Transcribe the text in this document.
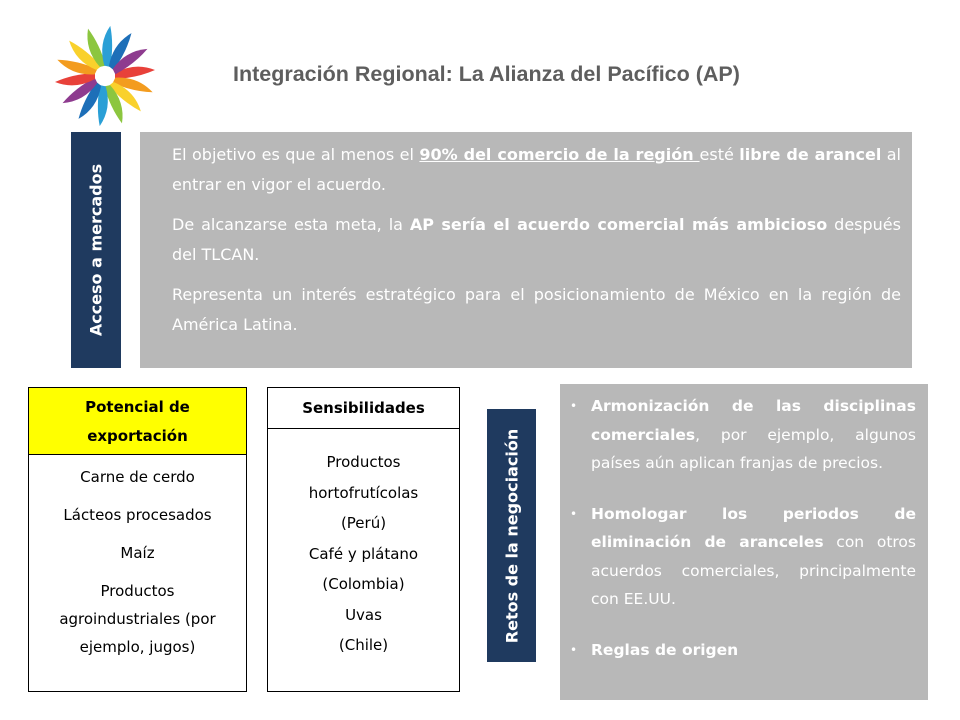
Integración Regional: La Alianza del Pacífico (AP)
Acceso a mercados

El objetivo es que al menos el 90% del comercio de la región esté libre de arancel al entrar en vigor el acuerdo.

De alcanzarse esta meta, la AP sería el acuerdo comercial más ambicioso después del TLCAN.

Representa un interés estratégico para el posicionamiento de México en la región de América Latina.

Potencial de
exportación
Carne de cerdo
Lácteos procesados
Maíz
Productos
agroindustriales (por
ejemplo, jugos)
Sensibilidades
Productos
hortofrutícolas
(Perú)
Café y plátano
(Colombia)
Uvas
(Chile)
Retos de la negociación
• Armonización de las disciplinas comerciales, por ejemplo, algunos países aún aplican franjas de precios.
• Homologar los periodos de eliminación de aranceles con otros acuerdos comerciales, principalmente con EE.UU.
• Reglas de origen
